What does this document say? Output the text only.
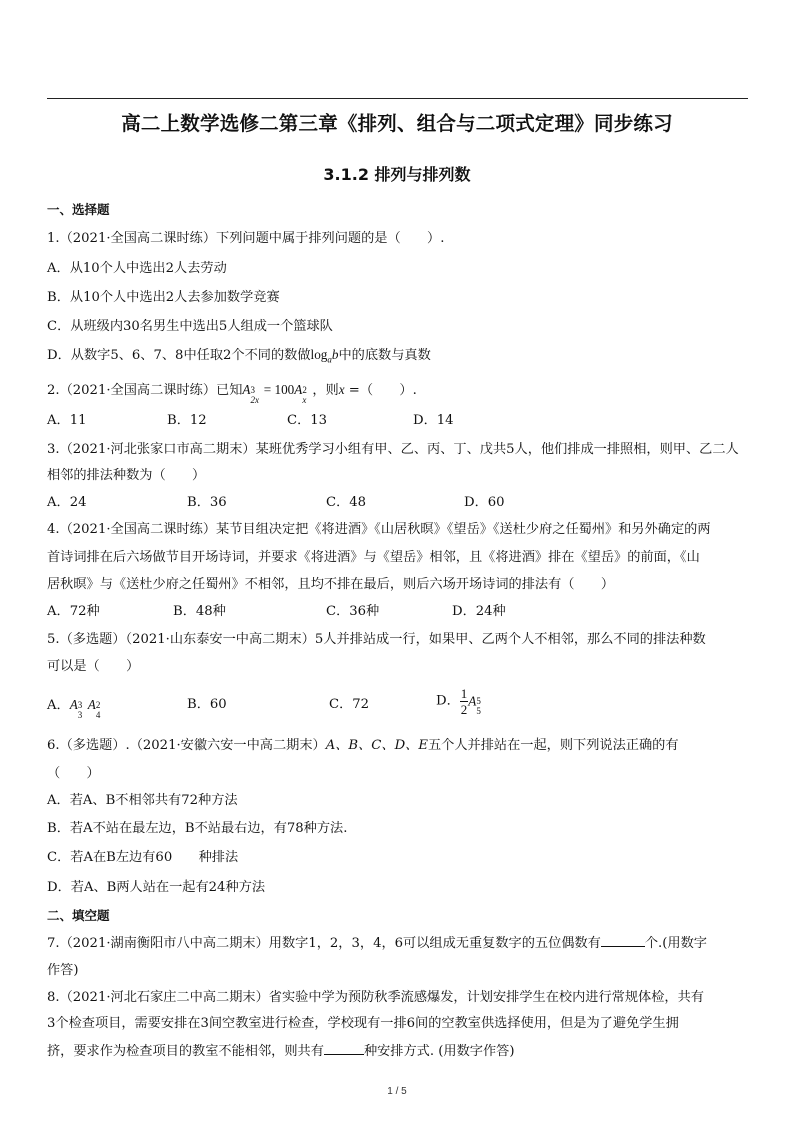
高二上数学选修二第三章《排列、组合与二项式定理》同步练习
3.1.2 排列与排列数
一、选择题
1.（2021·全国高二课时练）下列问题中属于排列问题的是（　　）.
A．从10个人中选出2人去劳动
B．从10个人中选出2人去参加数学竞赛
C．从班级内30名男生中选出5人组成一个篮球队
D．从数字5、6、7、8中任取2个不同的数做$\log_ab$中的底数与真数
2.（2021·全国高二课时练）已知A 3
2x
= 100A 2
x
，则x =（　　）.
A．11	B．12	C．13	D．14
3.（2021·河北张家口市高二期末）某班优秀学习小组有甲、乙、丙、丁、戊共5人，他们排成一排照相，则甲、乙二人
相邻的排法种数为（　　）
A．24	B．36	C．48	D．60
4.（2021·全国高二课时练）某节目组决定把《将进酒》《山居秋暝》《望岳》《送杜少府之任蜀州》和另外确定的两
首诗词排在后六场做节目开场诗词，并要求《将进酒》与《望岳》相邻，且《将进酒》排在《望岳》的前面，《山
居秋暝》与《送杜少府之任蜀州》不相邻，且均不排在最后，则后六场开场诗词的排法有（　　）
A．72种	B．48种	C．36种	D．24种
5.（多选题）（2021·山东泰安一中高二期末）5人并排站成一行，如果甲、乙两个人不相邻，那么不同的排法种数
可以是（　　）
A．A 3
3
A 2
4
B．60	C．72	D． $\frac{1}{2}$ A 5
5
6.（多选题）.（2021·安徽六安一中高二期末）A、B、C、D、E五个人并排站在一起，则下列说法正确的有
（　　）
A．若A、B不相邻共有72种方法
B．若A不站在最左边，B不站最右边，有78种方法.
C．若A在B左边有60　　种排法
D．若A、B两人站在一起有24种方法
二、填空题
7.（2021·湖南衡阳市八中高二期末）用数字1，2，3，4，6可以组成无重复数字的五位偶数有	个.(用数字
作答)
8.（2021·河北石家庄二中高二期末）省实验中学为预防秋季流感爆发，计划安排学生在校内进行常规体检，共有
3个检查项目，需要安排在3间空教室进行检查，学校现有一排6间的空教室供选择使用，但是为了避免学生拥
挤，要求作为检查项目的教室不能相邻，则共有	种安排方式. (用数字作答)
1 / 5
